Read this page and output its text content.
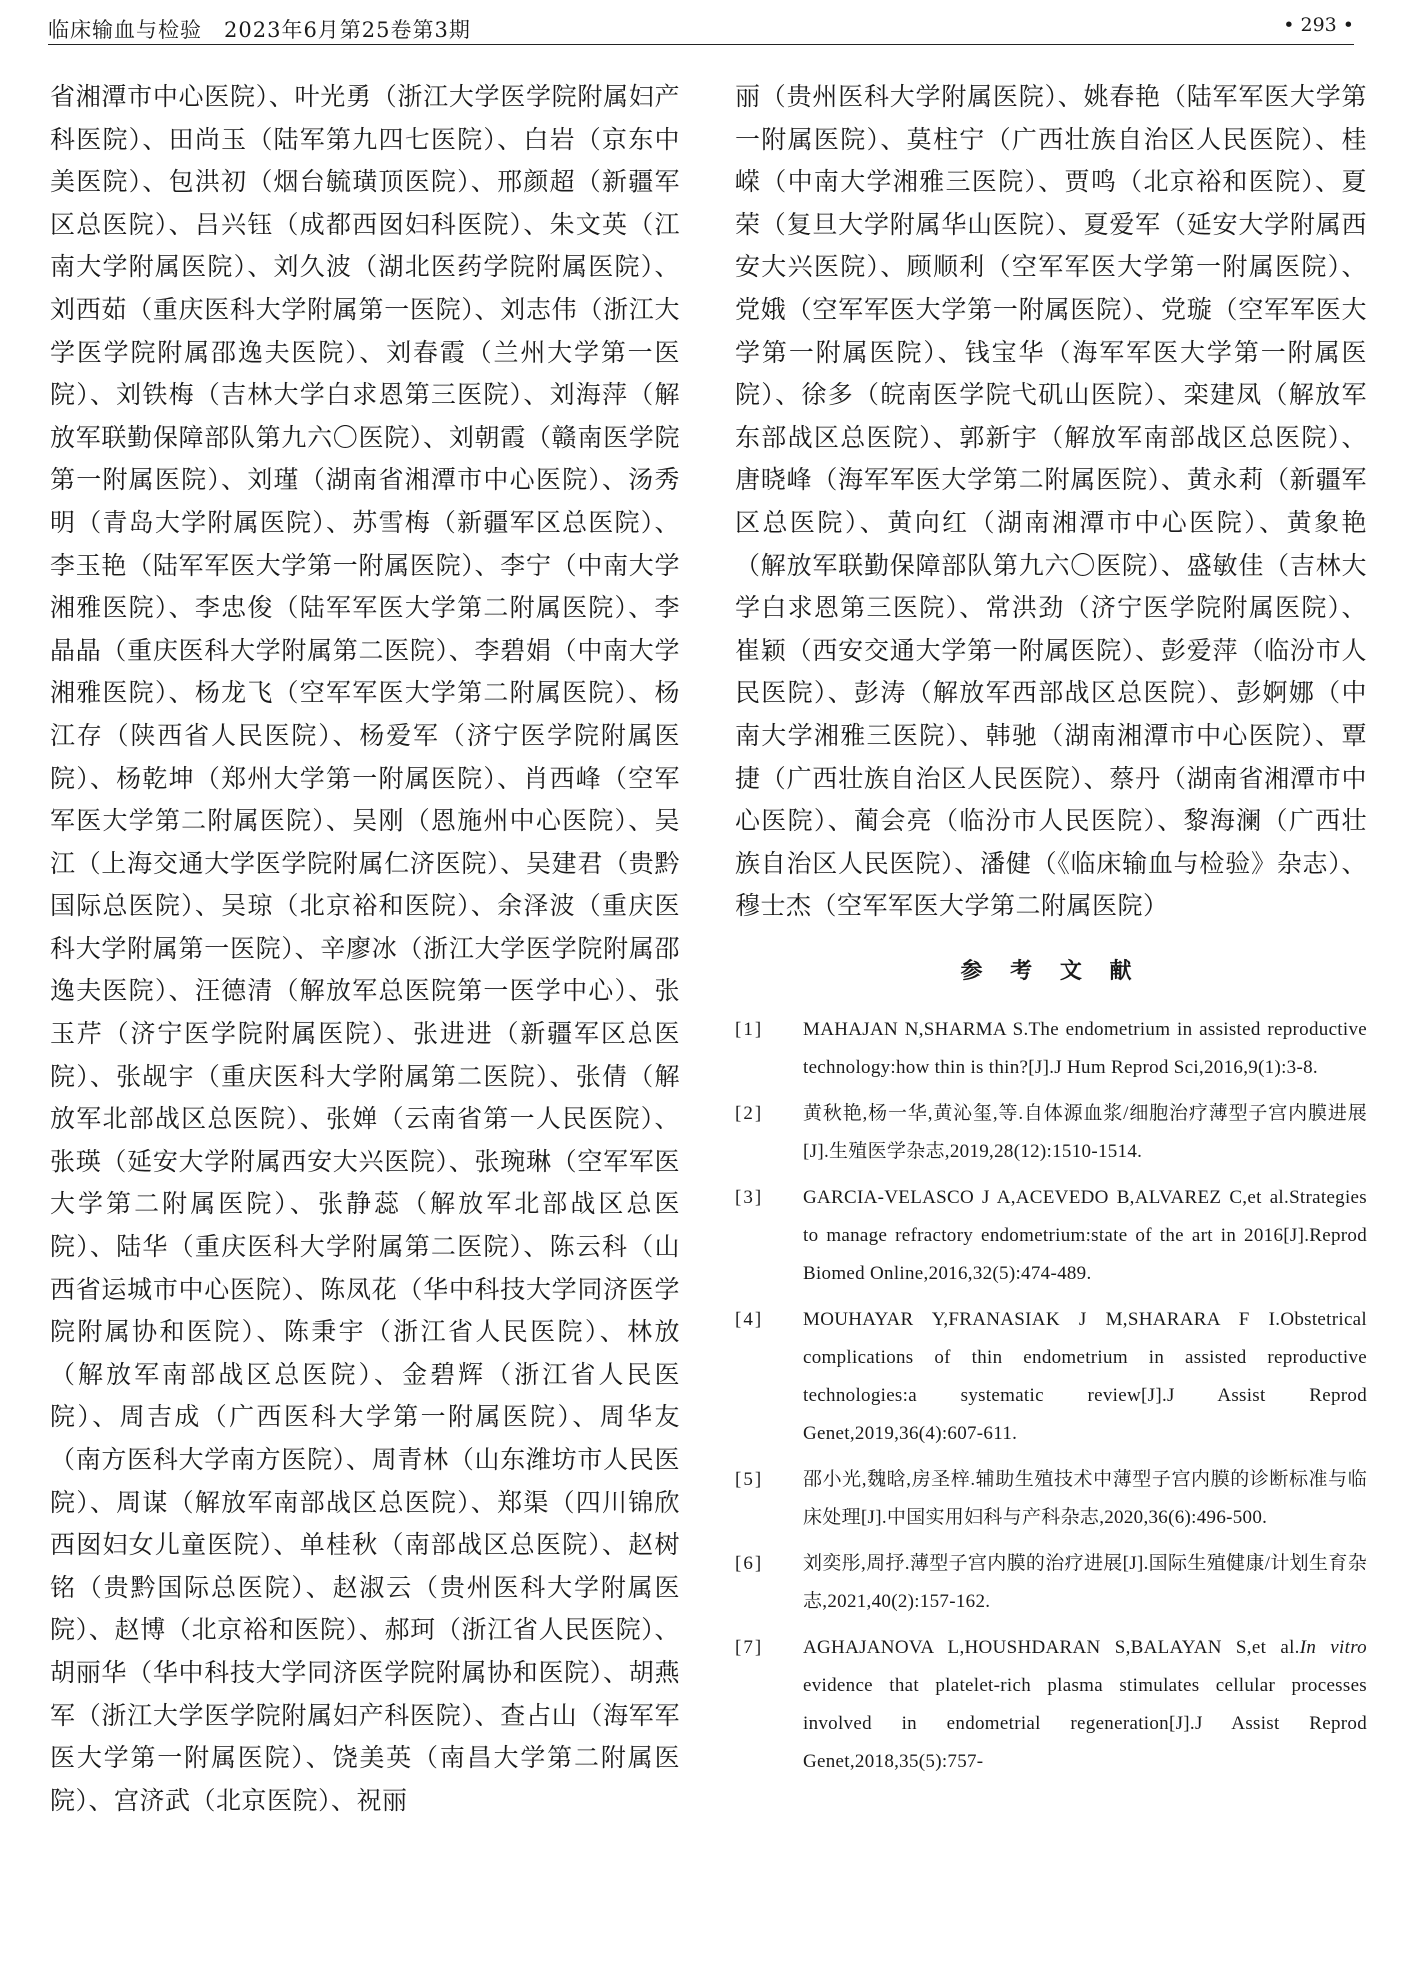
临床输血与检验　2023年6月第25卷第3期	• 293 •

省湘潭市中心医院）、叶光勇（浙江大学医学院附属妇产科医院）、田尚玉（陆军第九四七医院）、白岩（京东中美医院）、包洪初（烟台毓璜顶医院）、邢颜超（新疆军区总医院）、吕兴钰（成都西囡妇科医院）、朱文英（江南大学附属医院）、刘久波（湖北医药学院附属医院）、刘西茹（重庆医科大学附属第一医院）、刘志伟（浙江大学医学院附属邵逸夫医院）、刘春霞（兰州大学第一医院）、刘铁梅（吉林大学白求恩第三医院）、刘海萍（解放军联勤保障部队第九六〇医院）、刘朝霞（赣南医学院第一附属医院）、刘瑾（湖南省湘潭市中心医院）、汤秀明（青岛大学附属医院）、苏雪梅（新疆军区总医院）、李玉艳（陆军军医大学第一附属医院）、李宁（中南大学湘雅医院）、李忠俊（陆军军医大学第二附属医院）、李晶晶（重庆医科大学附属第二医院）、李碧娟（中南大学湘雅医院）、杨龙飞（空军军医大学第二附属医院）、杨江存（陕西省人民医院）、杨爱军（济宁医学院附属医院）、杨乾坤（郑州大学第一附属医院）、肖西峰（空军军医大学第二附属医院）、吴刚（恩施州中心医院）、吴江（上海交通大学医学院附属仁济医院）、吴建君（贵黔国际总医院）、吴琼（北京裕和医院）、余泽波（重庆医科大学附属第一医院）、辛廖冰（浙江大学医学院附属邵逸夫医院）、汪德清（解放军总医院第一医学中心）、张玉芹（济宁医学院附属医院）、张进进（新疆军区总医院）、张觇宇（重庆医科大学附属第二医院）、张倩（解放军北部战区总医院）、张婵（云南省第一人民医院）、张瑛（延安大学附属西安大兴医院）、张琬琳（空军军医大学第二附属医院）、张静蕊（解放军北部战区总医院）、陆华（重庆医科大学附属第二医院）、陈云科（山西省运城市中心医院）、陈凤花（华中科技大学同济医学院附属协和医院）、陈秉宇（浙江省人民医院）、林放（解放军南部战区总医院）、金碧辉（浙江省人民医院）、周吉成（广西医科大学第一附属医院）、周华友（南方医科大学南方医院）、周青林（山东潍坊市人民医院）、周谋（解放军南部战区总医院）、郑渠（四川锦欣西囡妇女儿童医院）、单桂秋（南部战区总医院）、赵树铭（贵黔国际总医院）、赵淑云（贵州医科大学附属医院）、赵博（北京裕和医院）、郝珂（浙江省人民医院）、胡丽华（华中科技大学同济医学院附属协和医院）、胡燕军（浙江大学医学院附属妇产科医院）、查占山（海军军医大学第一附属医院）、饶美英（南昌大学第二附属医院）、宫济武（北京医院）、祝丽

丽（贵州医科大学附属医院）、姚春艳（陆军军医大学第一附属医院）、莫柱宁（广西壮族自治区人民医院）、桂嵘（中南大学湘雅三医院）、贾鸣（北京裕和医院）、夏荣（复旦大学附属华山医院）、夏爱军（延安大学附属西安大兴医院）、顾顺利（空军军医大学第一附属医院）、党娥（空军军医大学第一附属医院）、党璇（空军军医大学第一附属医院）、钱宝华（海军军医大学第一附属医院）、徐多（皖南医学院弋矶山医院）、栾建凤（解放军东部战区总医院）、郭新宇（解放军南部战区总医院）、唐晓峰（海军军医大学第二附属医院）、黄永莉（新疆军区总医院）、黄向红（湖南湘潭市中心医院）、黄象艳（解放军联勤保障部队第九六〇医院）、盛敏佳（吉林大学白求恩第三医院）、常洪劲（济宁医学院附属医院）、崔颖（西安交通大学第一附属医院）、彭爱萍（临汾市人民医院）、彭涛（解放军西部战区总医院）、彭婀娜（中南大学湘雅三医院）、韩驰（湖南湘潭市中心医院）、覃捷（广西壮族自治区人民医院）、蔡丹（湖南省湘潭市中心医院）、蔺会亮（临汾市人民医院）、黎海澜（广西壮族自治区人民医院）、潘健（《临床输血与检验》杂志）、穆士杰（空军军医大学第二附属医院）

参 考 文 献
[1] MAHAJAN N,SHARMA S.The endometrium in assisted reproductive technology:how thin is thin?[J].J Hum Reprod Sci,2016,9(1):3-8.
[2] 黄秋艳,杨一华,黄沁玺,等.自体源血浆/细胞治疗薄型子宫内膜进展[J].生殖医学杂志,2019,28(12):1510-1514.
[3] GARCIA-VELASCO J A,ACEVEDO B,ALVAREZ C,et al.Strategies to manage refractory endometrium:state of the art in 2016[J].Reprod Biomed Online,2016,32(5):474-489.
[4] MOUHAYAR Y,FRANASIAK J M,SHARARA F I.Obstetrical complications of thin endometrium in assisted reproductive technologies:a systematic review[J].J Assist Reprod Genet,2019,36(4):607-611.
[5] 邵小光,魏晗,房圣梓.辅助生殖技术中薄型子宫内膜的诊断标准与临床处理[J].中国实用妇科与产科杂志,2020,36(6):496-500.
[6] 刘奕彤,周抒.薄型子宫内膜的治疗进展[J].国际生殖健康/计划生育杂志,2021,40(2):157-162.
[7] AGHAJANOVA L,HOUSHDARAN S,BALAYAN S,et al.In vitro evidence that platelet-rich plasma stimulates cellular processes involved in endometrial regeneration[J].J Assist Reprod Genet,2018,35(5):757-
